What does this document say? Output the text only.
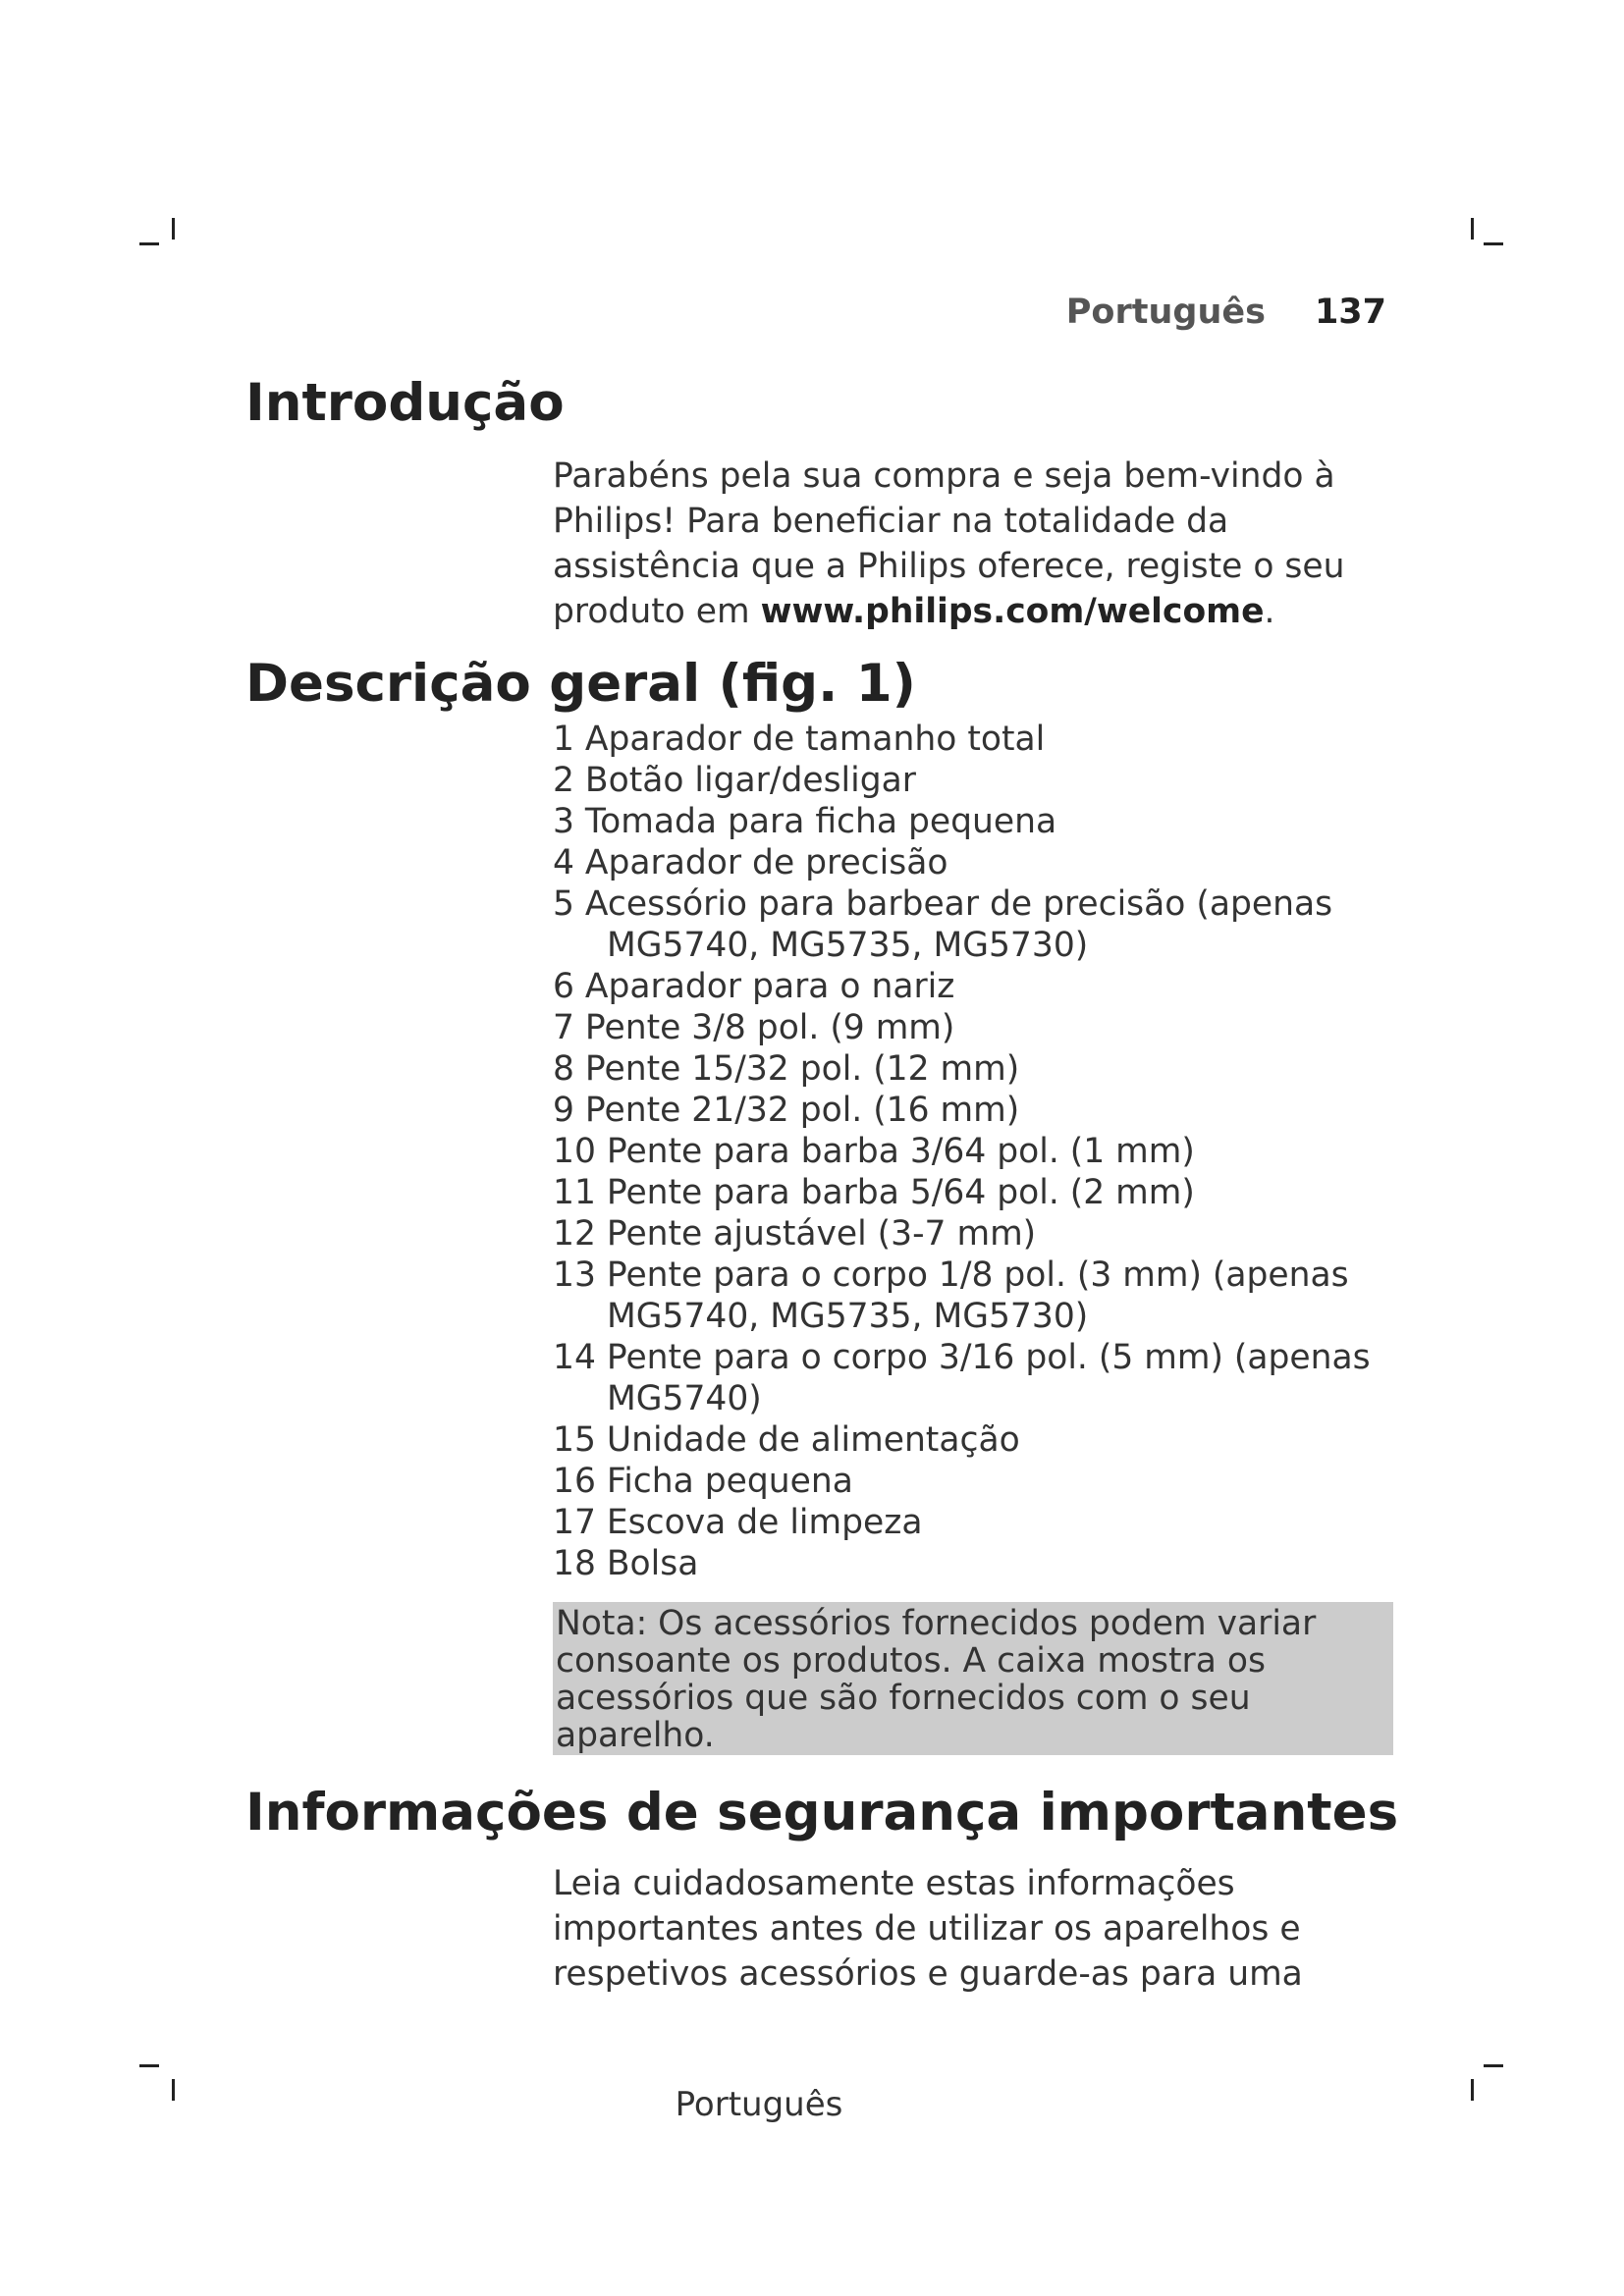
Português 137
Introdução

Parabéns pela sua compra e seja bem-vindo à Philips! Para beneficiar na totalidade da assistência que a Philips oferece, registe o seu produto em www.philips.com/welcome.

Descrição geral (fig. 1)
1 Aparador de tamanho total
2 Botão ligar/desligar
3 Tomada para ficha pequena
4 Aparador de precisão
5 Acessório para barbear de precisão (apenas MG5740, MG5735, MG5730)
6 Aparador para o nariz
7 Pente 3/8 pol. (9 mm)
8 Pente 15/32 pol. (12 mm)
9 Pente 21/32 pol. (16 mm)
10 Pente para barba 3/64 pol. (1 mm)
11 Pente para barba 5/64 pol. (2 mm)
12 Pente ajustável (3-7 mm)
13 Pente para o corpo 1/8 pol. (3 mm) (apenas MG5740, MG5735, MG5730)
14 Pente para o corpo 3/16 pol. (5 mm) (apenas MG5740)
15 Unidade de alimentação
16 Ficha pequena
17 Escova de limpeza
18 Bolsa
Nota: Os acessórios fornecidos podem variar consoante os produtos. A caixa mostra os acessórios que são fornecidos com o seu aparelho.
Informações de segurança importantes

Leia cuidadosamente estas informações importantes antes de utilizar os aparelhos e respetivos acessórios e guarde-as para uma

Português
